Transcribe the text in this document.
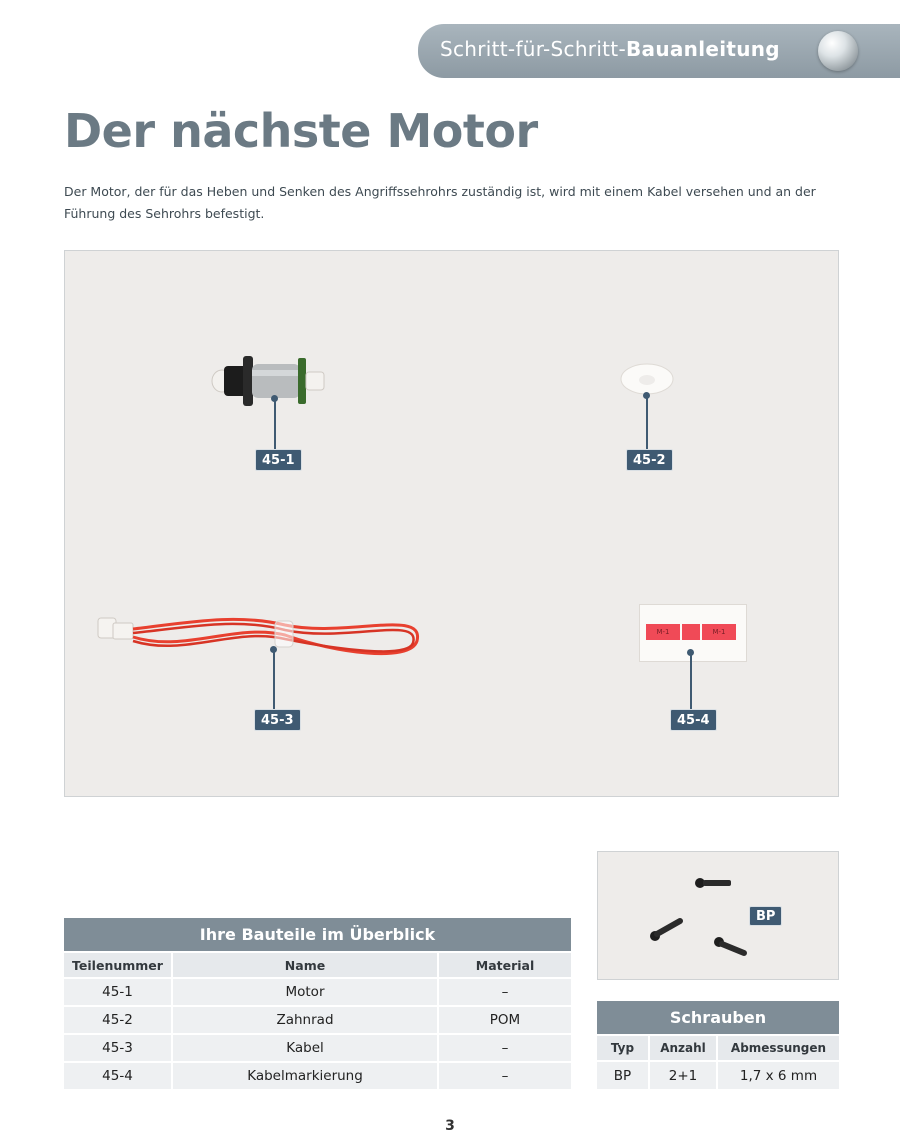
Schritt-für-Schritt-Bauanleitung
Der nächste Motor

Der Motor, der für das Heben und Senken des Angriffssehrohrs zuständig ist, wird mit einem Kabel versehen und an der Führung des Sehrohrs befestigt.

45-1	45-2
45-3
M-1	M-1
45-4
Ihre Bauteile im Überblick		
Teilenummer	Name	Material
45-1	Motor	–
45-2	Zahnrad	POM
45-3	Kabel	–
45-4	Kabelmarkierung	–
BP
Schrauben		
Typ	Anzahl	Abmessungen
BP	2+1	1,7 x 6 mm
3
